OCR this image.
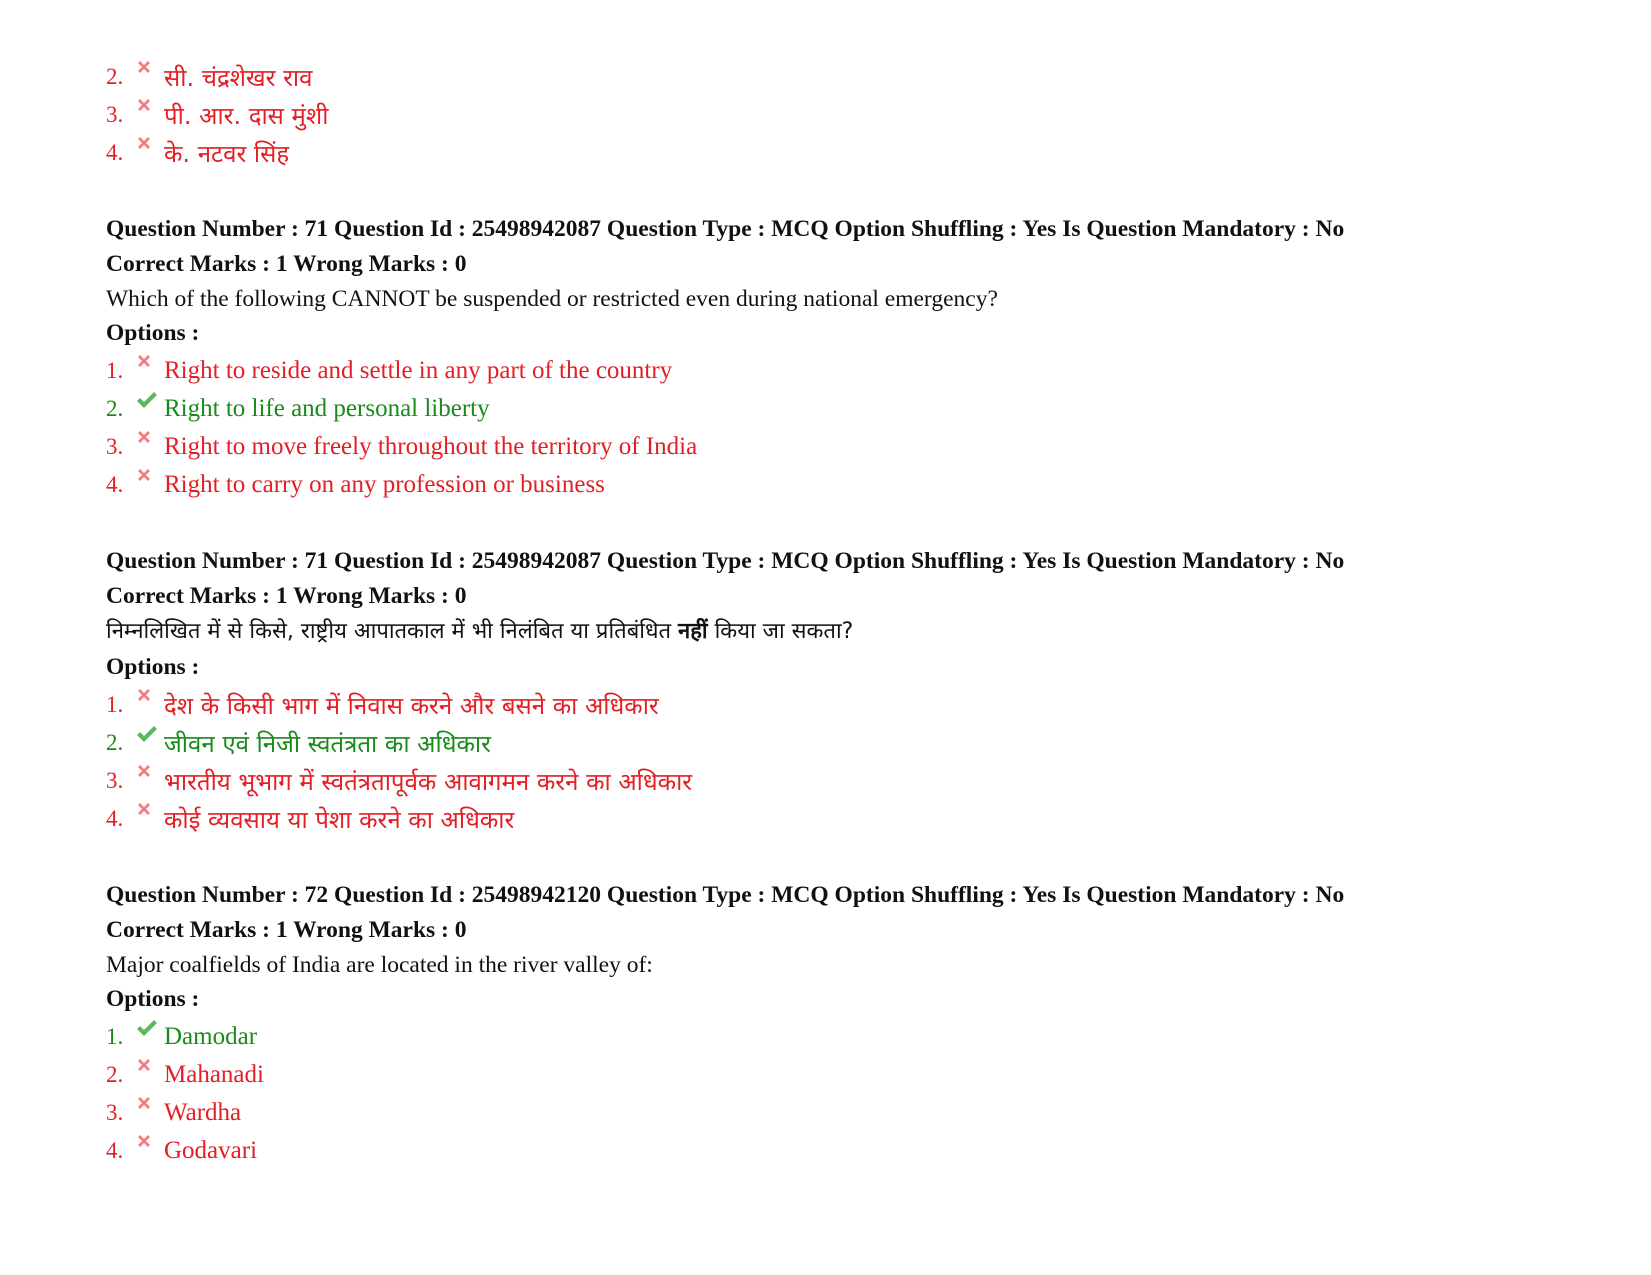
2.	सी. चंद्रशेखर राव
3.	पी. आर. दास मुंशी
4.	के. नटवर सिंह
Question Number : 71 Question Id : 25498942087 Question Type : MCQ Option Shuffling : Yes Is Question Mandatory : No
Correct Marks : 1 Wrong Marks : 0
Which of the following CANNOT be suspended or restricted even during national emergency?
Options :
1.	Right to reside and settle in any part of the country
2.	Right to life and personal liberty
3.	Right to move freely throughout the territory of India
4.	Right to carry on any profession or business
Question Number : 71 Question Id : 25498942087 Question Type : MCQ Option Shuffling : Yes Is Question Mandatory : No
Correct Marks : 1 Wrong Marks : 0
निम्नलिखित में से किसे, राष्ट्रीय आपातकाल में भी निलंबित या प्रतिबंधित नहीं किया जा सकता?
Options :
1.	देश के किसी भाग में निवास करने और बसने का अधिकार
2.	जीवन एवं निजी स्वतंत्रता का अधिकार
3.	भारतीय भूभाग में स्वतंत्रतापूर्वक आवागमन करने का अधिकार
4.	कोई व्यवसाय या पेशा करने का अधिकार
Question Number : 72 Question Id : 25498942120 Question Type : MCQ Option Shuffling : Yes Is Question Mandatory : No
Correct Marks : 1 Wrong Marks : 0
Major coalfields of India are located in the river valley of:
Options :
1.	Damodar
2.	Mahanadi
3.	Wardha
4.	Godavari
